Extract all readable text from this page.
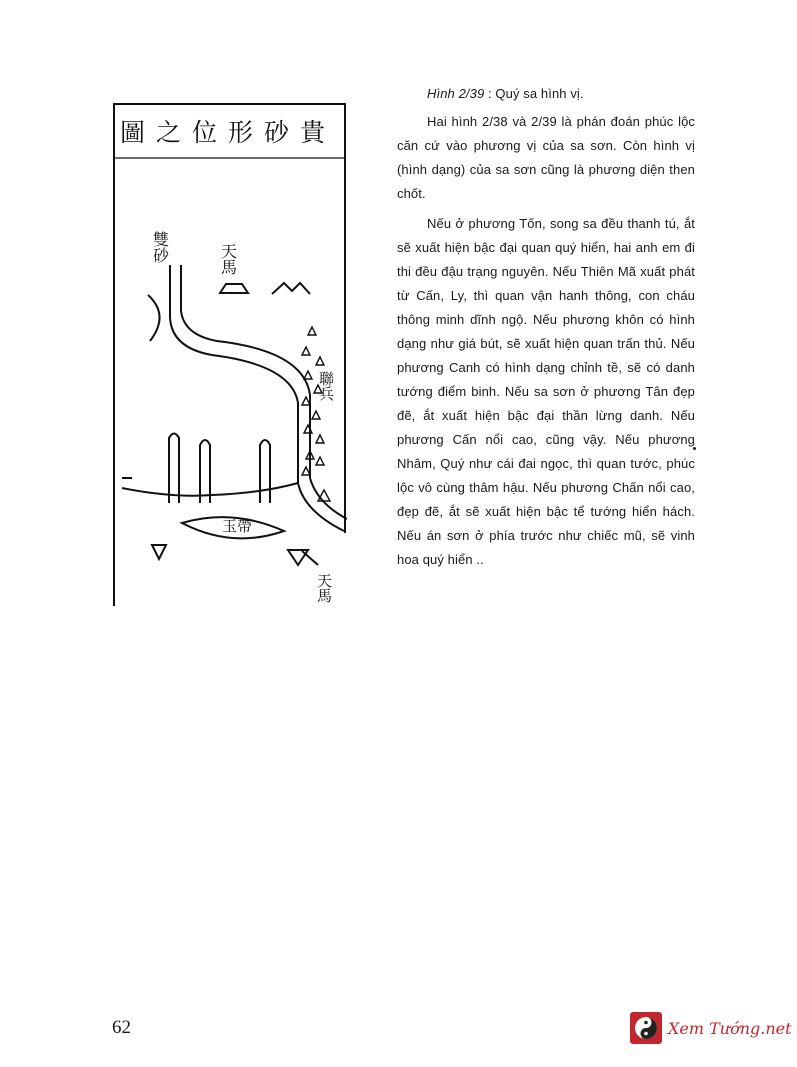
圖 之 位 形 砂 貴
雙砂	天馬
聯兵
天馬
玉帶

Hình 2/39 : Quý sa hình vị.

Hai hình 2/38 và 2/39 là phán đoán phúc lộc căn cứ vào phương vị của sa sơn. Còn hình vị (hình dạng) của sa sơn cũng là phương diện then chốt.

Nếu ở phương Tốn, song sa đều thanh tú, ắt sẽ xuất hiện bậc đại quan quý hiển, hai anh em đi thi đều đậu trạng nguyên. Nếu Thiên Mã xuất phát từ Cấn, Ly, thì quan vận hanh thông, con cháu thông minh dĩnh ngộ. Nếu phương khôn có hình dạng như giá bút, sẽ xuất hiện quan trấn thủ. Nếu phương Canh có hình dạng chỉnh tề, sẽ có danh tướng điểm binh. Nếu sa sơn ở phương Tân đẹp đẽ, ắt xuất hiện bậc đại thần lừng danh. Nếu phương Cấn nổi cao, cũng vậy. Nếu phương Nhâm, Quý như cái đai ngọc, thì quan tước, phúc lộc vô cùng thâm hậu. Nếu phương Chấn nổi cao, đẹp đẽ, ắt sẽ xuất hiện bậc tể tướng hiển hách. Nếu án sơn ở phía trước như chiếc mũ, sẽ vinh hoa quý hiển ..

62	Xem Tướng.net
